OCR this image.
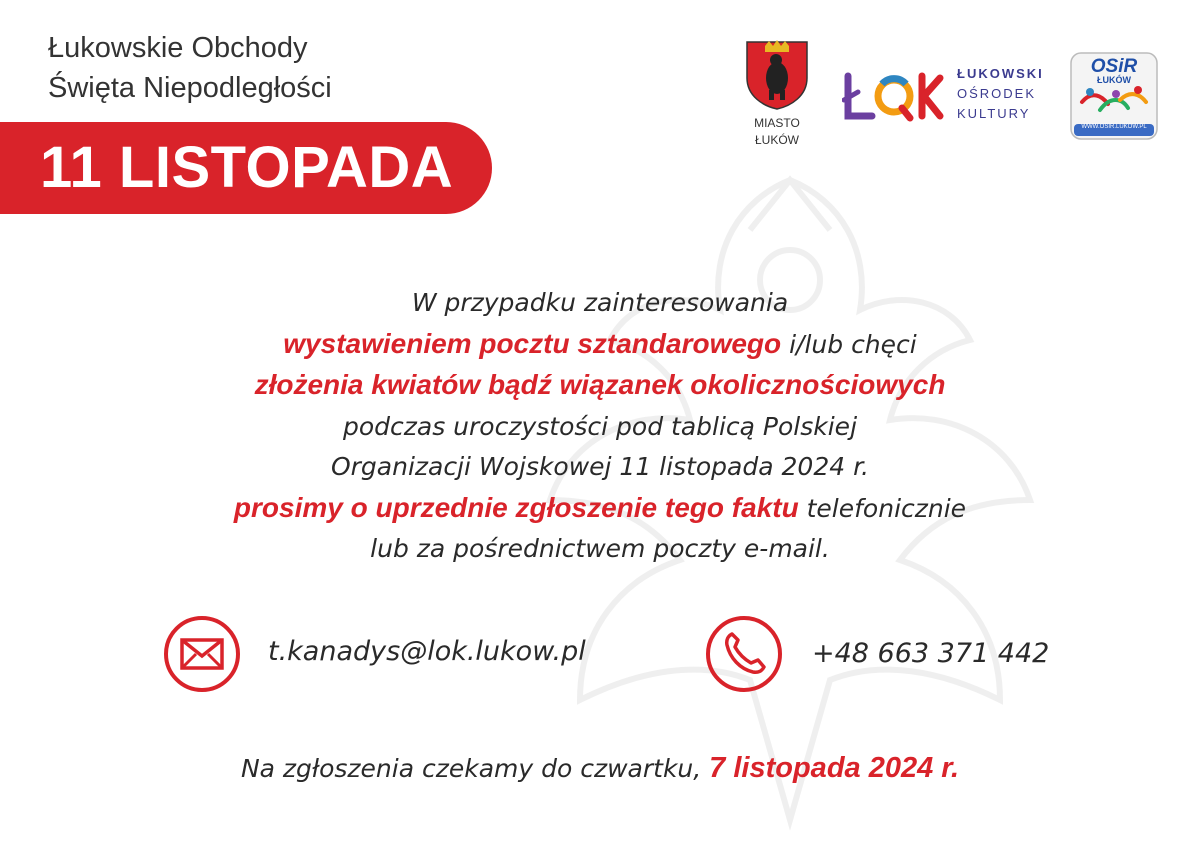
Łukowskie Obchody
Święta Niepodległości
11 LISTOPADA
MIASTO
ŁUKÓW
ŁUKOWSKI
OŚRODEK
KULTURY
OSiR
ŁUKÓW
WWW.OSIR.LUKOW.PL
W przypadku zainteresowania
wystawieniem pocztu sztandarowego i/lub chęci
złożenia kwiatów bądź wiązanek okolicznościowych
podczas uroczystości pod tablicą Polskiej
Organizacji Wojskowej 11 listopada 2024 r.
prosimy o uprzednie zgłoszenie tego faktu telefonicznie
lub za pośrednictwem poczty e-mail.
t.kanadys@lok.lukow.pl	+48 663 371 442
Na zgłoszenia czekamy do czwartku, 7 listopada 2024 r.
